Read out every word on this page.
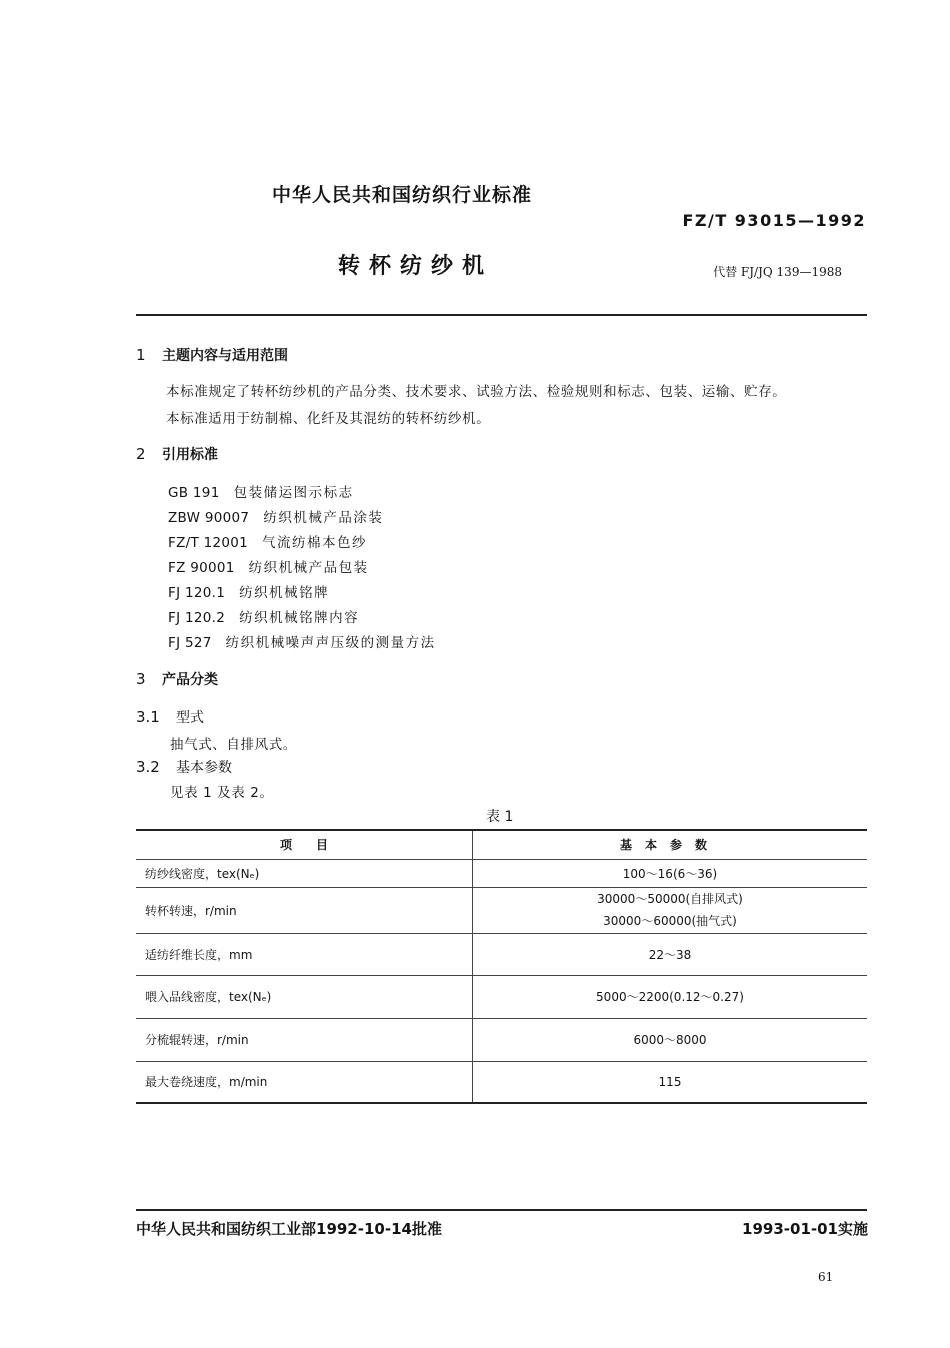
中华人民共和国纺织行业标准
FZ/T 93015—1992
转杯纺纱机	代替 FJ/JQ 139—1988
1 主题内容与适用范围
本标准规定了转杯纺纱机的产品分类、技术要求、试验方法、检验规则和标志、包装、运输、贮存。
本标准适用于纺制棉、化纤及其混纺的转杯纺纱机。
2 引用标准
GB 191 包装储运图示标志
ZBW 90007 纺织机械产品涂装
FZ/T 12001 气流纺棉本色纱
FZ 90001 纺织机械产品包装
FJ 120.1 纺织机械铭牌
FJ 120.2 纺织机械铭牌内容
FJ 527 纺织机械噪声声压级的测量方法
3 产品分类
3.1 型式
抽气式、自排风式。
3.2 基本参数
见表 1 及表 2。
表 1
项　　目	基本参数
纺纱线密度，tex(Nₑ)	100～16(6～36)
转杯转速，r/min	30000～50000(自排风式)
30000～60000(抽气式)

适纺纤维长度，mm	22～38
喂入品线密度，tex(Nₑ)	5000～2200(0.12～0.27)
分梳辊转速，r/min	6000～8000
最大卷绕速度，m/min	115
中华人民共和国纺织工业部1992-10-14批准	1993-01-01实施
61
